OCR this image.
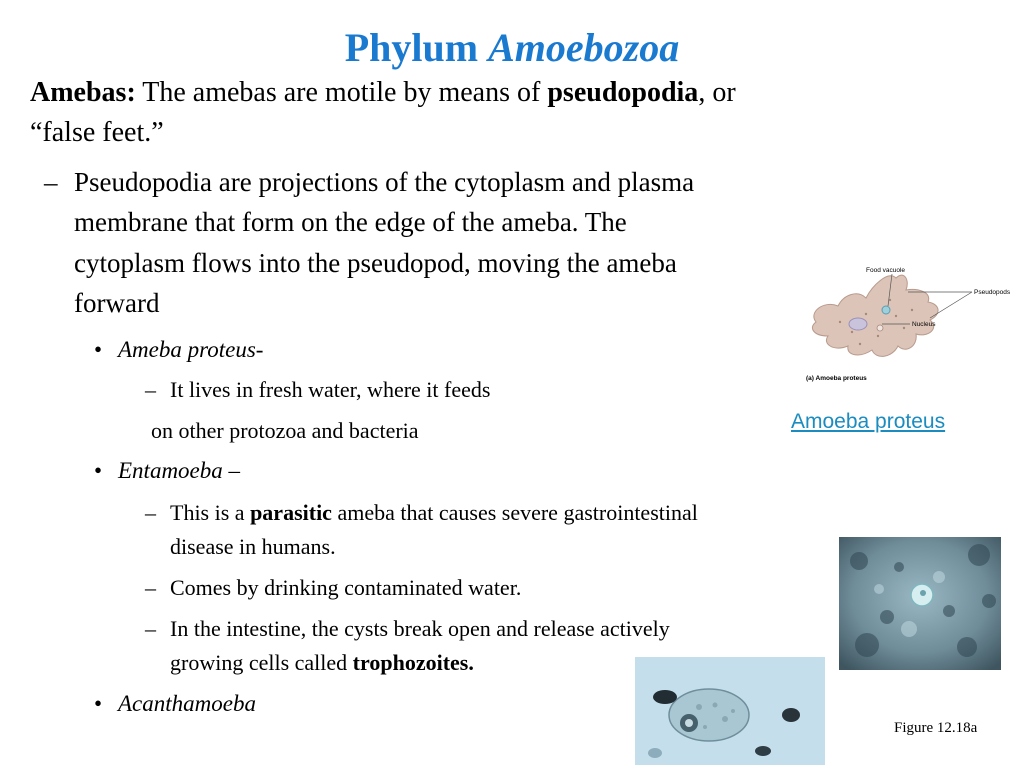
Phylum Amoebozoa

Amebas: The amebas are motile by means of pseudopodia, or

“false feet.”

– Pseudopodia are projections of the cytoplasm and plasma

membrane that form on the edge of the ameba. The

cytoplasm flows into the pseudopod, moving the ameba

forward

• Ameba proteus-

– It lives in fresh water, where it feeds

on other protozoa and bacteria

• Entamoeba –

– This is a parasitic ameba that causes severe gastrointestinal

disease in humans.

– Comes by drinking contaminated water.

– In the intestine, the cysts break open and release actively

growing cells called trophozoites.

• Acanthamoeba

Food vacuole
Pseudopods
Nucleus
(a) Amoeba proteus
Amoeba proteus
Figure 12.18a
